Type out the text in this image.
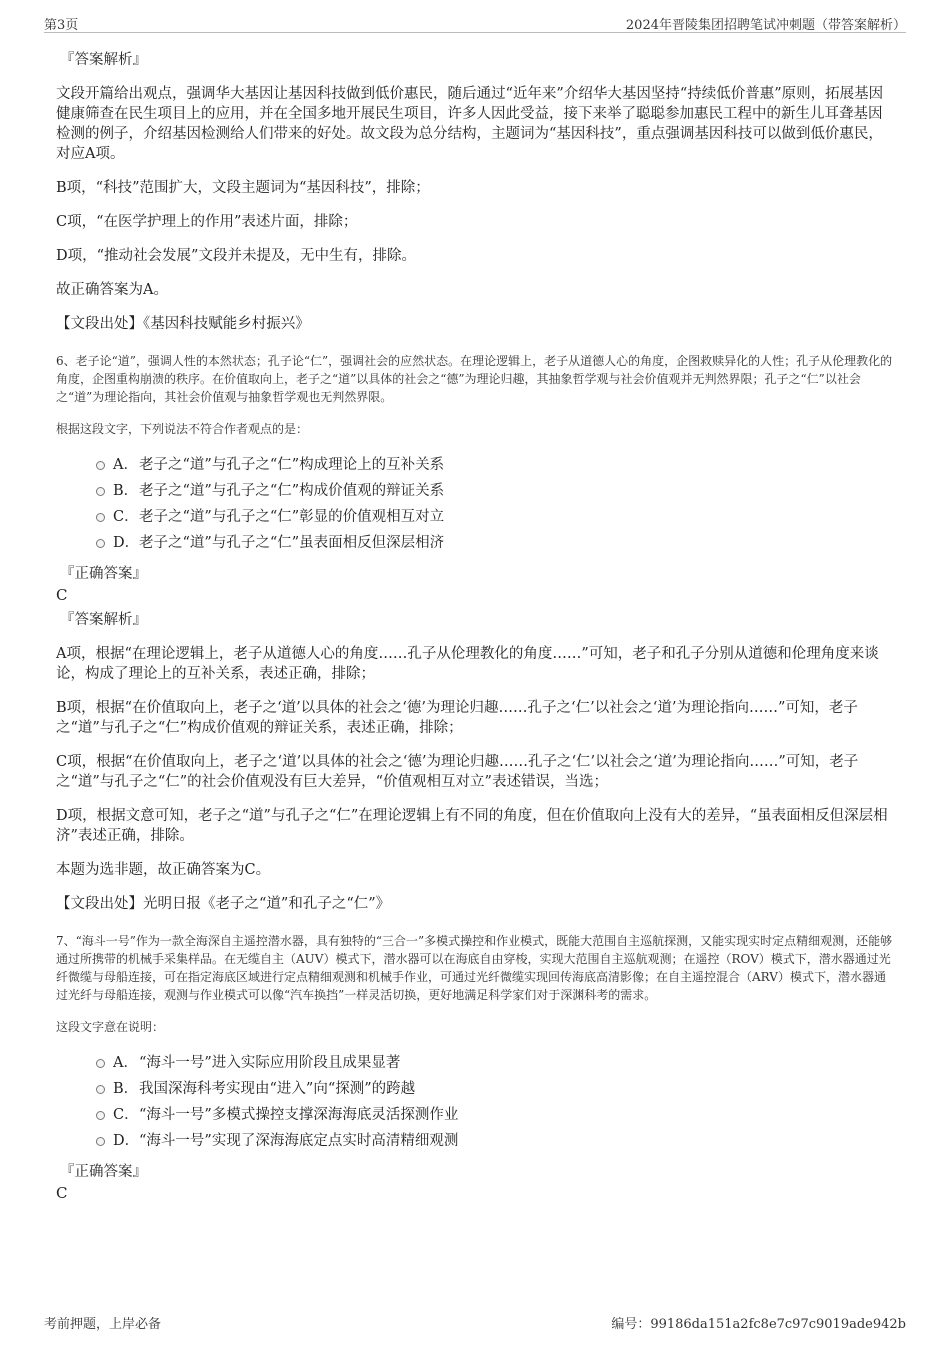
第3页	2024年晋陵集团招聘笔试冲刺题（带答案解析）
『答案解析』

文段开篇给出观点，强调华大基因让基因科技做到低价惠民，随后通过“近年来”介绍华大基因坚持“持续低价普惠”原则，拓展基因健康筛查在民生项目上的应用，并在全国多地开展民生项目，许多人因此受益，接下来举了聪聪参加惠民工程中的新生儿耳聋基因检测的例子，介绍基因检测给人们带来的好处。故文段为总分结构，主题词为“基因科技”，重点强调基因科技可以做到低价惠民，对应A项。

B项，“科技”范围扩大，文段主题词为“基因科技”，排除；

C项，“在医学护理上的作用”表述片面，排除；

D项，“推动社会发展”文段并未提及，无中生有，排除。

故正确答案为A。

【文段出处】《基因科技赋能乡村振兴》

6、老子论“道”，强调人性的本然状态；孔子论“仁”，强调社会的应然状态。在理论逻辑上，老子从道德人心的角度，企图救赎异化的人性；孔子从伦理教化的角度，企图重构崩溃的秩序。在价值取向上，老子之“道”以具体的社会之“德”为理论归趣，其抽象哲学观与社会价值观并无判然界限；孔子之“仁”以社会之“道”为理论指向，其社会价值观与抽象哲学观也无判然界限。

根据这段文字，下列说法不符合作者观点的是：

A． 老子之“道”与孔子之“仁”构成理论上的互补关系
B． 老子之“道”与孔子之“仁”构成价值观的辩证关系
C． 老子之“道”与孔子之“仁”彰显的价值观相互对立
D． 老子之“道”与孔子之“仁”虽表面相反但深层相济
『正确答案』
C
『答案解析』

A项，根据“在理论逻辑上，老子从道德人心的角度……孔子从伦理教化的角度……”可知，老子和孔子分别从道德和伦理角度来谈论，构成了理论上的互补关系，表述正确，排除；

B项，根据“在价值取向上，老子之‘道’以具体的社会之‘德’为理论归趣……孔子之‘仁’以社会之‘道’为理论指向……”可知，老子之“道”与孔子之“仁”构成价值观的辩证关系，表述正确，排除；

C项，根据“在价值取向上，老子之‘道’以具体的社会之‘德’为理论归趣……孔子之‘仁’以社会之‘道’为理论指向……”可知，老子之“道”与孔子之“仁”的社会价值观没有巨大差异，“价值观相互对立”表述错误，当选；

D项，根据文意可知，老子之“道”与孔子之“仁”在理论逻辑上有不同的角度，但在价值取向上没有大的差异，“虽表面相反但深层相济”表述正确，排除。

本题为选非题，故正确答案为C。

【文段出处】光明日报《老子之“道”和孔子之“仁”》

7、“海斗一号”作为一款全海深自主遥控潜水器，具有独特的“三合一”多模式操控和作业模式，既能大范围自主巡航探测，又能实现实时定点精细观测，还能够通过所携带的机械手采集样品。在无缆自主（AUV）模式下，潜水器可以在海底自由穿梭，实现大范围自主巡航观测；在遥控（ROV）模式下，潜水器通过光纤微缆与母船连接，可在指定海底区域进行定点精细观测和机械手作业，可通过光纤微缆实现回传海底高清影像；在自主遥控混合（ARV）模式下，潜水器通过光纤与母船连接，观测与作业模式可以像“汽车换挡”一样灵活切换，更好地满足科学家们对于深渊科考的需求。

这段文字意在说明：

A． “海斗一号”进入实际应用阶段且成果显著
B． 我国深海科考实现由“进入”向“探测”的跨越
C． “海斗一号”多模式操控支撑深海海底灵活探测作业
D． “海斗一号”实现了深海海底定点实时高清精细观测
『正确答案』
C
考前押题，上岸必备	编号：99186da151a2fc8e7c97c9019ade942b
